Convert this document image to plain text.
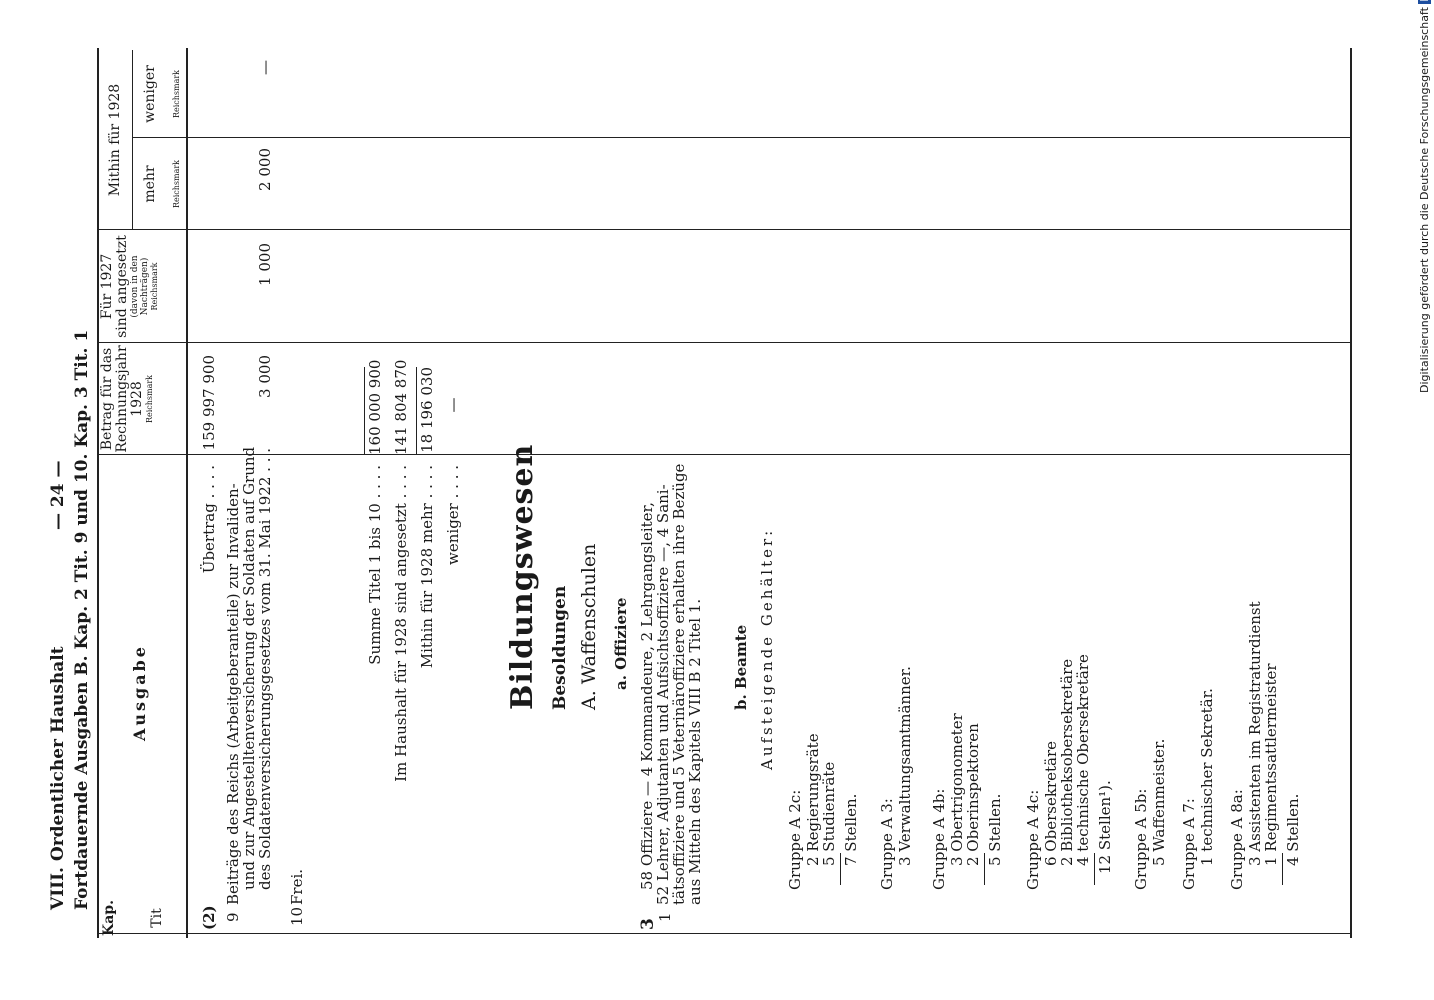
VIII. Ordentlicher Haushalt
— 24 — Fortdauernde Ausgaben B. Kap. 2 Tit. 9 und 10. Kap. 3 Tit. 1
Kap. Tit
Ausgabe
Betrag für das Rechnungsjahr 1928 Reichsmark
Für 1927 sind angesetzt (davon in den Nachträgen) Reichsmark
Mithin für 1928 mehr Reichsmark
weniger Reichsmark
(2)
Übertrag . . . .
159 997 900
9
Beiträge des Reichs (Arbeitgeberanteile) zur Invaliden-
und zur Angestelltenversicherung der Soldaten auf Grund
des Soldatenversicherungsgesetzes vom 31. Mai 1922 . . .
3 000
1 000
2 000
—
10
Frei.
Summe Titel 1 bis 10 . . . .
160 000 900
Im Haushalt für 1928 sind angesetzt . . . .
141 804 870
Mithin für 1928 mehr . . . .
18 196 030
weniger . . . .
—
Bildungswesen Besoldungen A. Waffenschulen a. Offiziere
3
1
58 Offiziere — 4 Kommandeure, 2 Lehrgangsleiter,
52 Lehrer, Adjutanten und Aufsichtsoffiziere —, 4 Sani-
tätsoffiziere und 5 Veterinäroffiziere erhalten ihre Bezüge
aus Mitteln des Kapitels VIII B 2 Titel 1. b. Beamte Aufsteigende Gehälter:
Gruppe A 2c: 2 Regierungsräte
5 Studienräte 7 Stellen. Gruppe A 3: 3 Verwaltungsamtmänner. Gruppe A 4b: 3 Obertrigonometer
2 Oberinspektoren 5 Stellen. Gruppe A 4c: 6 Obersekretäre
2 Bibliotheksobersekretäre
4 technische Obersekretäre 12 Stellen¹). Gruppe A 5b: 5 Waffenmeister. Gruppe A 7: 1 technischer Sekretär. Gruppe A 8a: 3 Assistenten im Registraturdienst
1 Regimentssattlermeister 4 Stellen.
Digitalisierung gefördert durch die Deutsche Forschungsgemeinschaft
